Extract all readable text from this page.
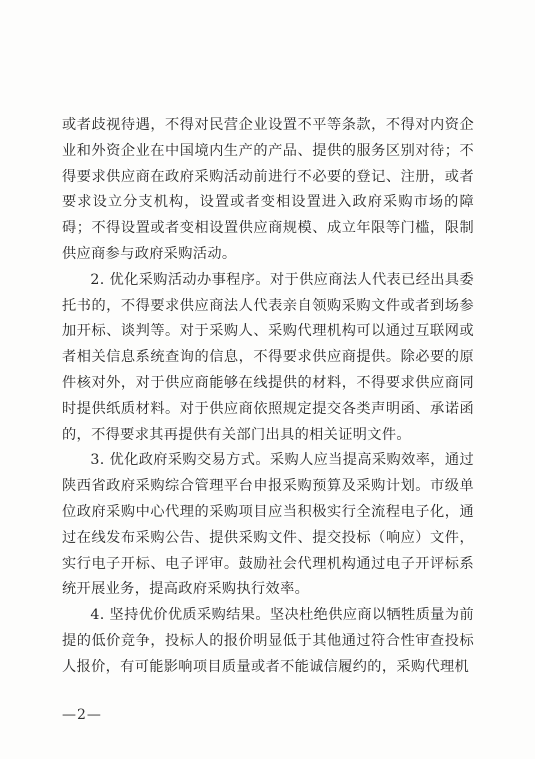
或者歧视待遇，不得对民营企业设置不平等条款，不得对内资企业和外资企业在中国境内生产的产品、提供的服务区别对待；不得要求供应商在政府采购活动前进行不必要的登记、注册，或者要求设立分支机构，设置或者变相设置进入政府采购市场的障碍；不得设置或者变相设置供应商规模、成立年限等门槛，限制供应商参与政府采购活动。

2. 优化采购活动办事程序。对于供应商法人代表已经出具委托书的，不得要求供应商法人代表亲自领购采购文件或者到场参加开标、谈判等。对于采购人、采购代理机构可以通过互联网或者相关信息系统查询的信息，不得要求供应商提供。除必要的原件核对外，对于供应商能够在线提供的材料，不得要求供应商同时提供纸质材料。对于供应商依照规定提交各类声明函、承诺函的，不得要求其再提供有关部门出具的相关证明文件。

3. 优化政府采购交易方式。采购人应当提高采购效率，通过陕西省政府采购综合管理平台申报采购预算及采购计划。市级单位政府采购中心代理的采购项目应当积极实行全流程电子化，通过在线发布采购公告、提供采购文件、提交投标（响应）文件，实行电子开标、电子评审。鼓励社会代理机构通过电子开评标系统开展业务，提高政府采购执行效率。

4. 坚持优价优质采购结果。坚决杜绝供应商以牺牲质量为前提的低价竞争，投标人的报价明显低于其他通过符合性审查投标人报价，有可能影响项目质量或者不能诚信履约的，采购代理机

—2—
